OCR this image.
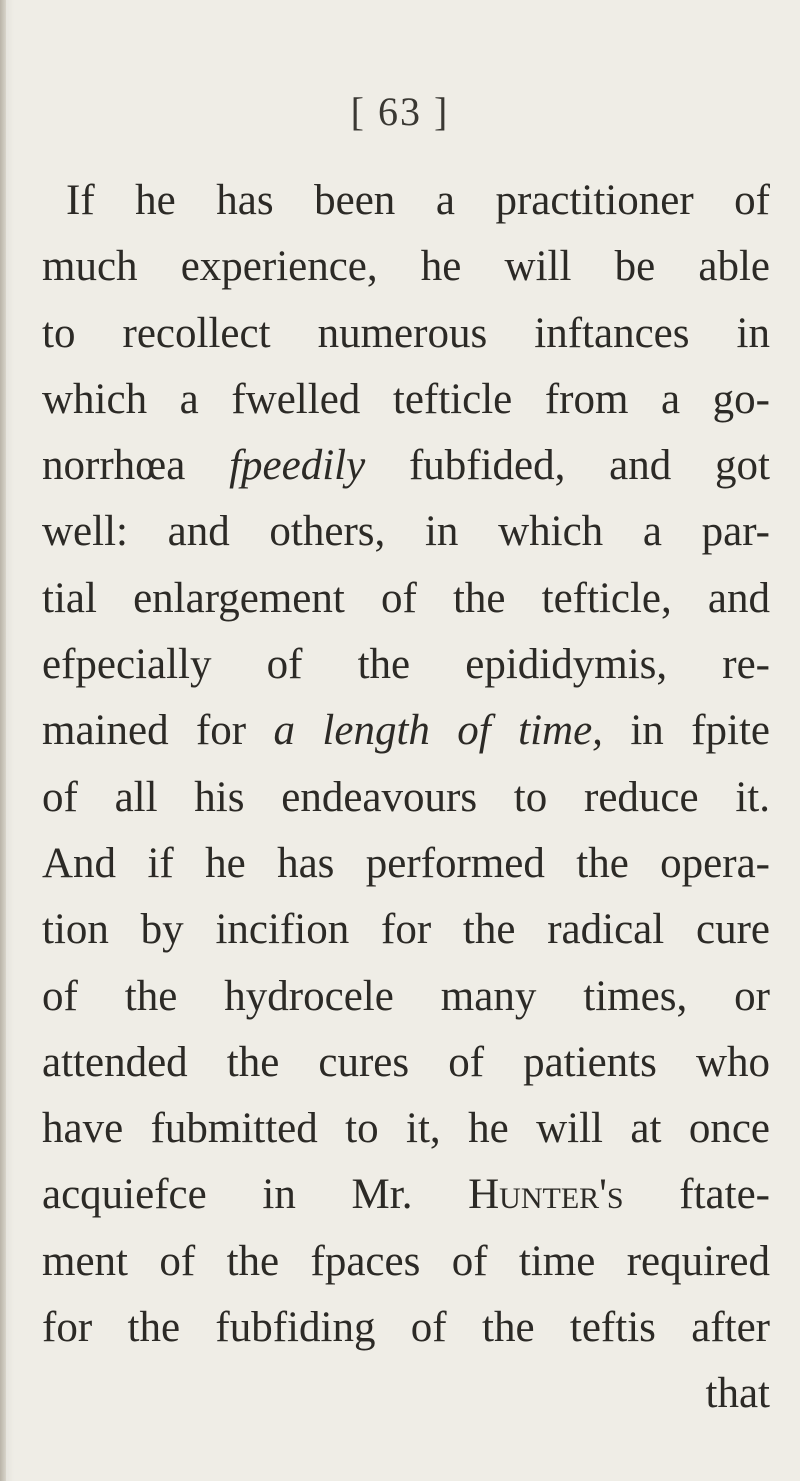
[ 63 ]
If he has been a practitioner of
much experience, he will be able
to recollect numerous inftances in
which a fwelled tefticle from a go-
norrhœa fpeedily fubfided, and got
well: and others, in which a par-
tial enlargement of the tefticle, and
efpecially of the epididymis, re-
mained for a length of time, in fpite
of all his endeavours to reduce it.
And if he has performed the opera-
tion by incifion for the radical cure
of the hydrocele many times, or
attended the cures of patients who
have fubmitted to it, he will at once
acquiefce in Mr. Hunter's ftate-
ment of the fpaces of time required
for the fubfiding of the teftis after
that
